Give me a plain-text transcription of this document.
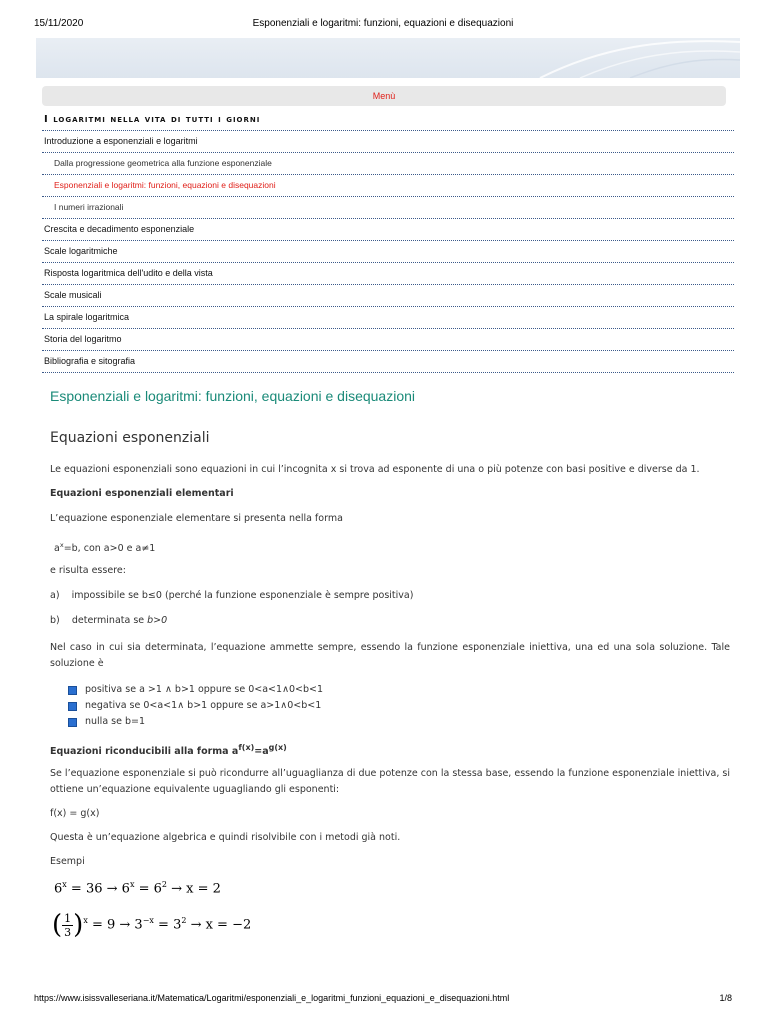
15/11/2020	Esponenziali e logaritmi: funzioni, equazioni e disequazioni
Menù
I logaritmi nella vita di tutti i giorni
Introduzione a esponenziali e logaritmi
Dalla progressione geometrica alla funzione esponenziale
Esponenziali e logaritmi: funzioni, equazioni e disequazioni
I numeri irrazionali
Crescita e decadimento esponenziale
Scale logaritmiche
Risposta logaritmica dell'udito e della vista
Scale musicali
La spirale logaritmica
Storia del logaritmo
Bibliografia e sitografia
Esponenziali e logaritmi: funzioni, equazioni e disequazioni
Equazioni esponenziali
Le equazioni esponenziali sono equazioni in cui l’incognita x si trova ad esponente di una o più potenze con basi positive e diverse da 1.
Equazioni esponenziali elementari
L’equazione esponenziale elementare si presenta nella forma
$a^x=b$, con a>0 e a≠1
e risulta essere:
a) impossibile se b≤0 (perché la funzione esponenziale è sempre positiva)
b) determinata se b>0
Nel caso in cui sia determinata, l’equazione ammette sempre, essendo la funzione esponenziale iniettiva, una ed una sola soluzione. Tale soluzione è
positiva se a >1 ∧ b>1 oppure se 0<a<1∧0<b<1
negativa se 0<a<1∧ b>1 oppure se a>1∧0<b<1
nulla se b=1
Equazioni riconducibili alla forma $a^{f(x)}=a^{g(x)}$
Se l’equazione esponenziale si può ricondurre all’uguaglianza di due potenze con la stessa base, essendo la funzione esponenziale iniettiva, si ottiene un’equazione equivalente uguagliando gli esponenti:
f(x) = g(x)
Questa è un’equazione algebrica e quindi risolvibile con i metodi già noti.
Esempi
$6^x = 36 \to 6^x = 6^2 \to x = 2$
( $\frac{1}{3} )^x = 9 \to 3^{-x} = 3^2 \to x = -2$
https://www.isissvalleseriana.it/Matematica/Logaritmi/esponenziali_e_logaritmi_funzioni_equazioni_e_disequazioni.html	1/8
